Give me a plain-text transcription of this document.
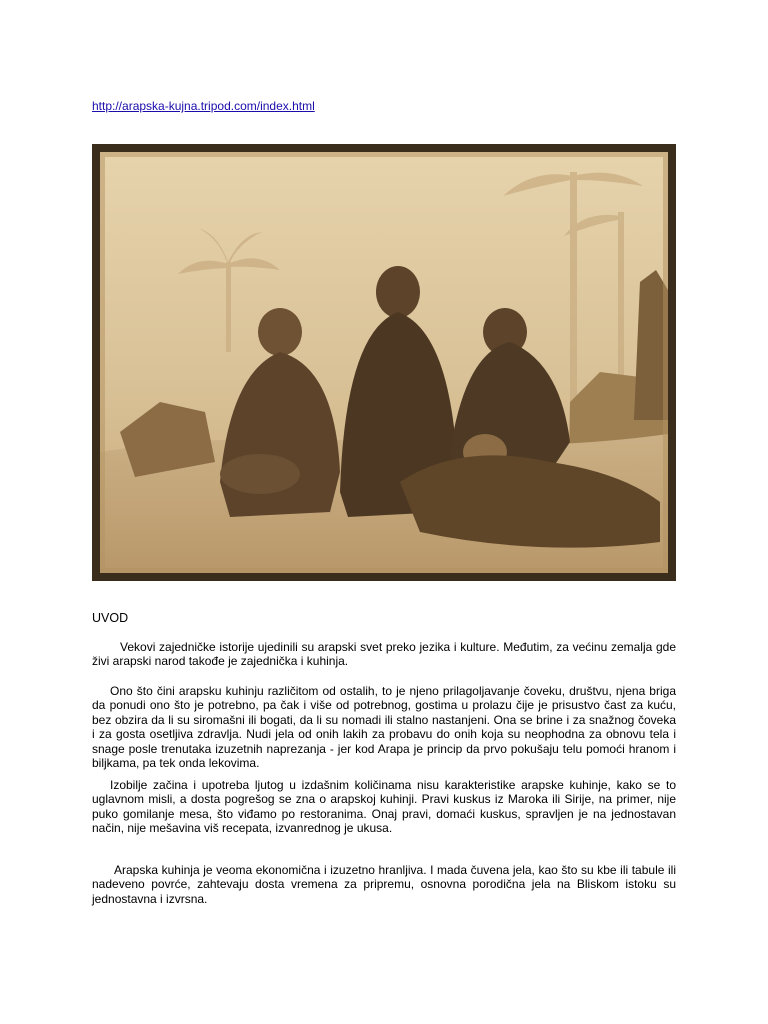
http://arapska-kujna.tripod.com/index.html
UVOD

Vekovi zajedničke istorije ujedinili su arapski svet preko jezika i kulture. Međutim, za većinu zemalja gde živi arapski narod takođe je zajednička i kuhinja.

Ono što čini arapsku kuhinju različitom od ostalih, to je njeno prilagoljavanje čoveku, društvu, njena briga da ponudi ono što je potrebno, pa čak i više od potrebnog, gostima u prolazu čije je prisustvo čast za kuću, bez obzira da li su siromašni ili bogati, da li su nomadi ili stalno nastanjeni. Ona se brine i za snažnog čoveka i za gosta osetljiva zdravlja. Nudi jela od onih lakih za probavu do onih koja su neophodna za obnovu tela i snage posle trenutaka izuzetnih naprezanja - jer kod Arapa je princip da prvo pokušaju telu pomoći hranom i biljkama, pa tek onda lekovima.

Izobilje začina i upotreba ljutog u izdašnim količinama nisu karakteristike arapske kuhinje, kako se to uglavnom misli, a dosta pogrešog se zna o arapskoj kuhinji. Pravi kuskus iz Maroka ili Sirije, na primer, nije puko gomilanje mesa, što viđamo po restoranima. Onaj pravi, domaći kuskus, spravljen je na jednostavan način, nije mešavina viš recepata, izvanrednog je ukusa.

Arapska kuhinja je veoma ekonomična i izuzetno hranljiva. I mada čuvena jela, kao što su kbe ili tabule ili nadeveno povrće, zahtevaju dosta vremena za pripremu, osnovna porodična jela na Bliskom istoku su jednostavna i izvrsna.
